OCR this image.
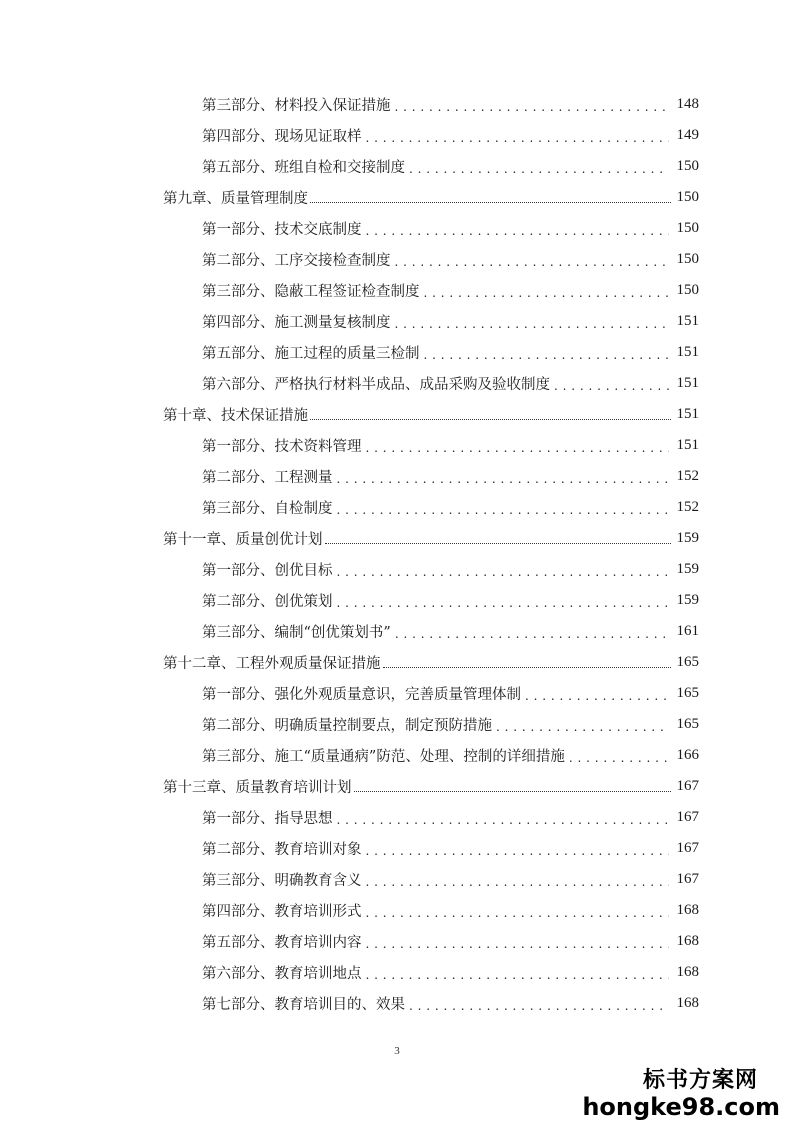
第三部分、材料投入保证措施 . . .	148
第四部分、现场见证取样 . . .	149
第五部分、班组自检和交接制度 . . .	150
第九章、质量管理制度	150
第一部分、技术交底制度 . . .	150
第二部分、工序交接检查制度 . . .	150
第三部分、隐蔽工程签证检查制度 . . .	150
第四部分、施工测量复核制度 . . .	151
第五部分、施工过程的质量三检制 . . .	151
第六部分、严格执行材料半成品、成品采购及验收制度 . . .	151
第十章、技术保证措施	151
第一部分、技术资料管理 . . .	151
第二部分、工程测量 . . .	152
第三部分、自检制度 . . .	152
第十一章、质量创优计划	159
第一部分、创优目标 . . .	159
第二部分、创优策划 . . .	159
第三部分、编制“创优策划书” . . .	161
第十二章、工程外观质量保证措施	165
第一部分、强化外观质量意识，完善质量管理体制 . . .	165
第二部分、明确质量控制要点，制定预防措施 . . .	165
第三部分、施工“质量通病”防范、处理、控制的详细措施 . . .	166
第十三章、质量教育培训计划	167
第一部分、指导思想 . . .	167
第二部分、教育培训对象 . . .	167
第三部分、明确教育含义 . . .	167
第四部分、教育培训形式 . . .	168
第五部分、教育培训内容 . . .	168
第六部分、教育培训地点 . . .	168
第七部分、教育培训目的、效果 . . .	168
3
标书方案网
hongke98.com
